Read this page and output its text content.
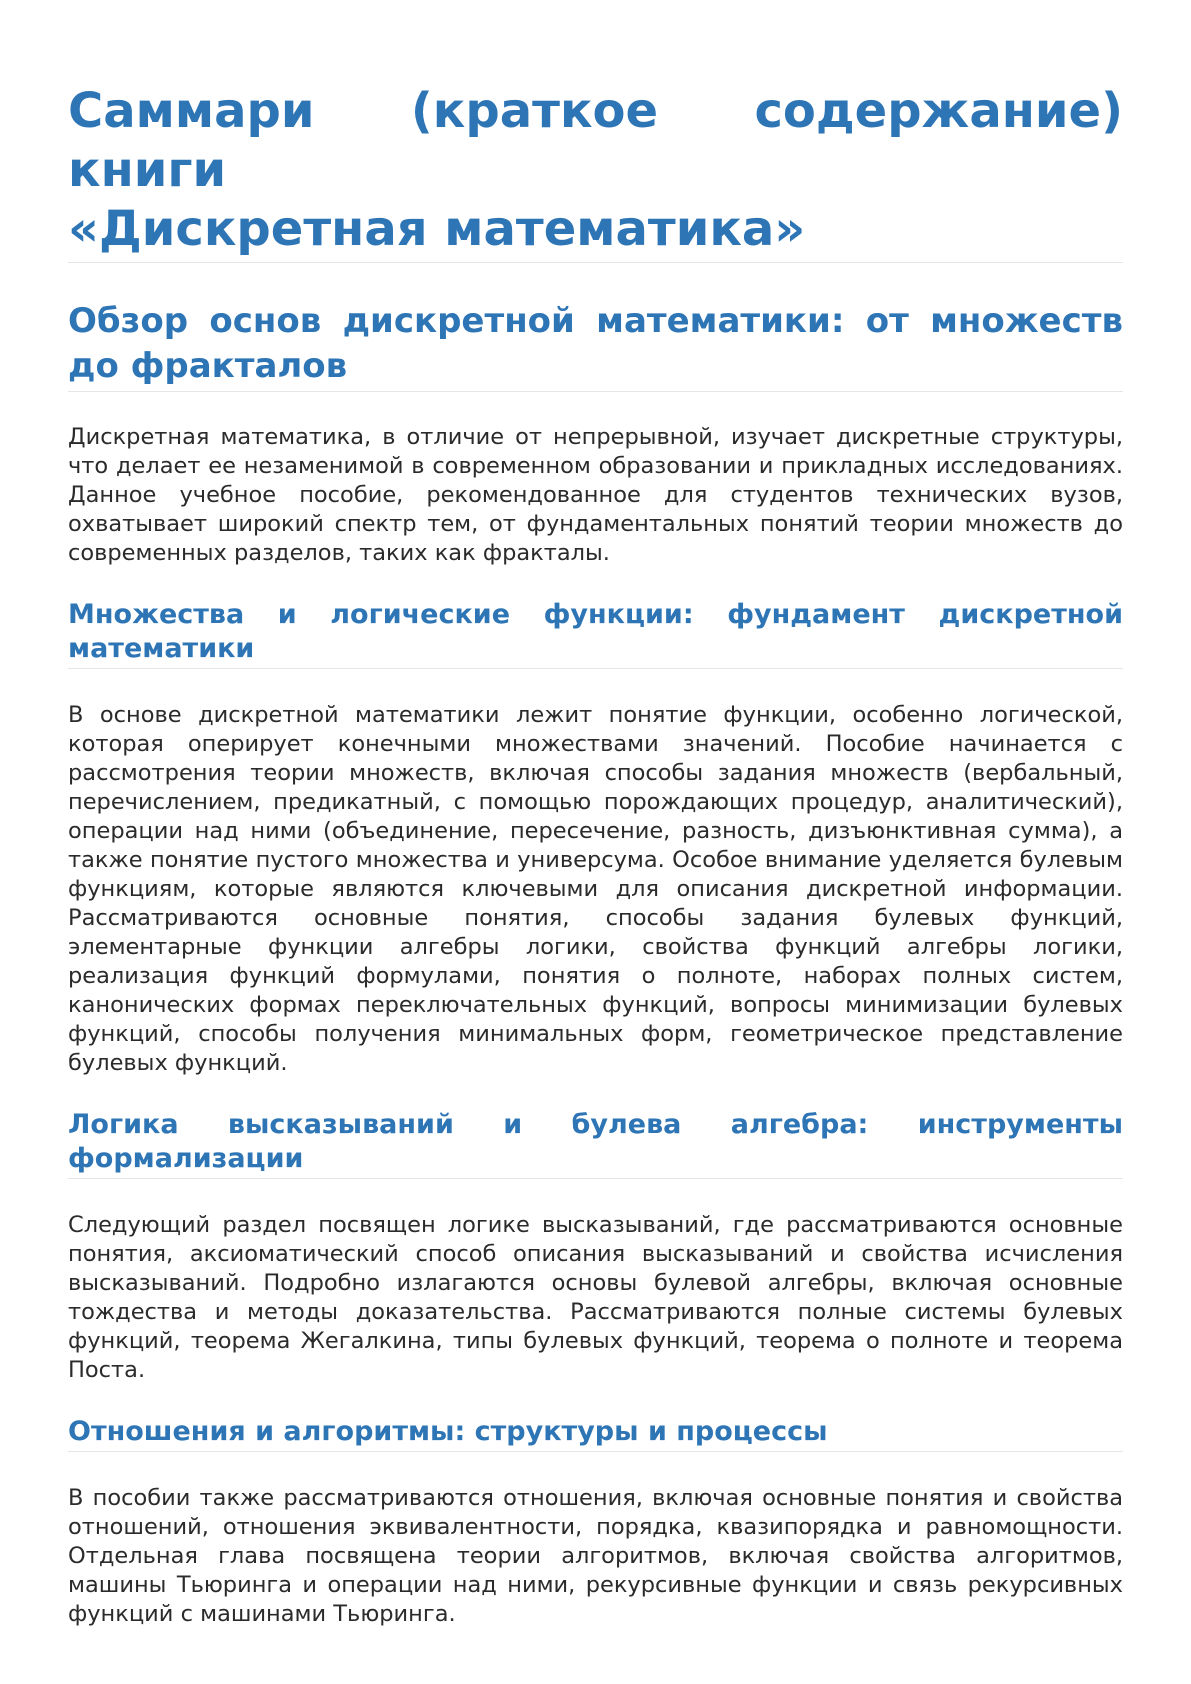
Саммари (краткое содержание) книги
«Дискретная математика»
Обзор основ дискретной математики: от множеств до фракталов

Дискретная математика, в отличие от непрерывной, изучает дискретные структуры, что делает ее незаменимой в современном образовании и прикладных исследованиях. Данное учебное пособие, рекомендованное для студентов технических вузов, охватывает широкий спектр тем, от фундаментальных понятий теории множеств до современных разделов, таких как фракталы.

Множества и логические функции: фундамент дискретной математики

В основе дискретной математики лежит понятие функции, особенно логической, которая оперирует конечными множествами значений. Пособие начинается с рассмотрения теории множеств, включая способы задания множеств (вербальный, перечислением, предикатный, с помощью порождающих процедур, аналитический), операции над ними (объединение, пересечение, разность, дизъюнктивная сумма), а также понятие пустого множества и универсума. Особое внимание уделяется булевым функциям, которые являются ключевыми для описания дискретной информации. Рассматриваются основные понятия, способы задания булевых функций, элементарные функции алгебры логики, свойства функций алгебры логики, реализация функций формулами, понятия о полноте, наборах полных систем, канонических формах переключательных функций, вопросы минимизации булевых функций, способы получения минимальных форм, геометрическое представление булевых функций.

Логика высказываний и булева алгебра: инструменты формализации

Следующий раздел посвящен логике высказываний, где рассматриваются основные понятия, аксиоматический способ описания высказываний и свойства исчисления высказываний. Подробно излагаются основы булевой алгебры, включая основные тождества и методы доказательства. Рассматриваются полные системы булевых функций, теорема Жегалкина, типы булевых функций, теорема о полноте и теорема Поста.

Отношения и алгоритмы: структуры и процессы

В пособии также рассматриваются отношения, включая основные понятия и свойства отношений, отношения эквивалентности, порядка, квазипорядка и равномощности. Отдельная глава посвящена теории алгоритмов, включая свойства алгоритмов, машины Тьюринга и операции над ними, рекурсивные функции и связь рекурсивных функций с машинами Тьюринга.
